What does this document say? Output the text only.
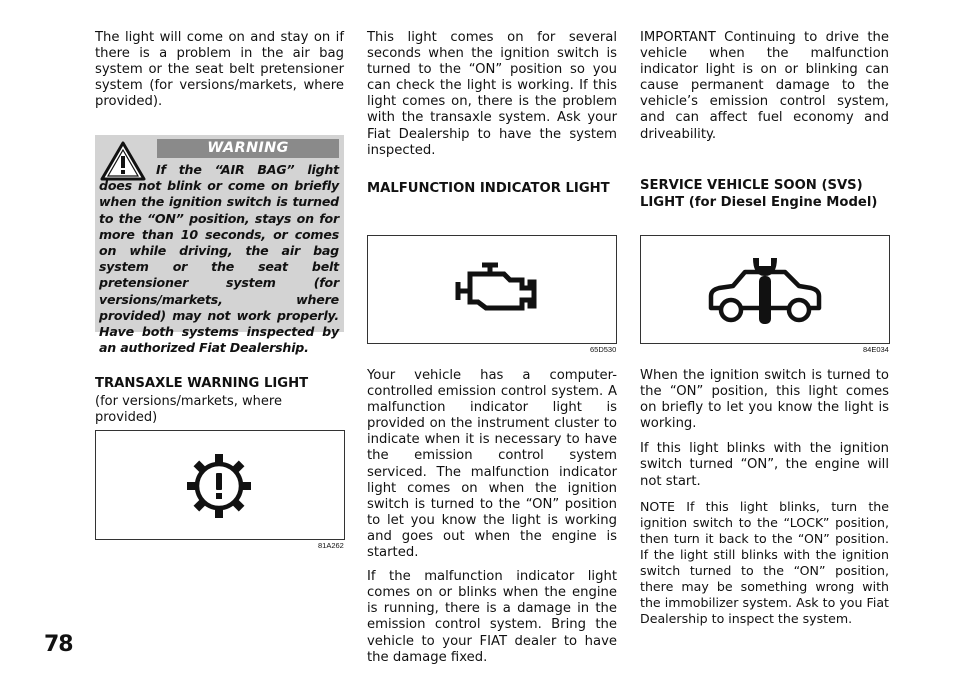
The light will come on and stay on if there is a problem in the air bag system or the seat belt pretensioner system (for versions/markets, where provided).

WARNING
If the “AIR BAG” light does not blink or come on briefly when the ignition switch is turned to the “ON” position, stays on for more than 10 seconds, or comes on while driving, the air bag system or the seat belt pretensioner system (for versions/markets, where provided) may not work properly. Have both systems inspected by an authorized Fiat Dealership.

TRANSAXLE WARNING LIGHT

(for versions/markets, where provided)

81A262

This light comes on for several seconds when the ignition switch is turned to the “ON” position so you can check the light is working. If this light comes on, there is the problem with the transaxle system. Ask your Fiat Dealership to have the system inspected.

MALFUNCTION INDICATOR LIGHT

65D530

Your vehicle has a computer-controlled emission control system. A malfunction indicator light is provided on the instrument cluster to indicate when it is necessary to have the emission control system serviced. The malfunction indicator light comes on when the ignition switch is turned to the “ON” position to let you know the light is working and goes out when the engine is started.

If the malfunction indicator light comes on or blinks when the engine is running, there is a damage in the emission control system. Bring the vehicle to your FIAT dealer to have the damage fixed.

IMPORTANT Continuing to drive the vehicle when the malfunction indicator light is on or blinking can cause permanent damage to the vehicle’s emission control system, and can affect fuel economy and driveability.

SERVICE VEHICLE SOON (SVS) LIGHT (for Diesel Engine Model)

84E034

When the ignition switch is turned to the “ON” position, this light comes on briefly to let you know the light is working.

If this light blinks with the ignition switch turned “ON”, the engine will not start.

NOTE If this light blinks, turn the ignition switch to the “LOCK” position, then turn it back to the “ON” position. If the light still blinks with the ignition switch turned to the “ON” position, there may be something wrong with the immobilizer system. Ask to you Fiat Dealership to inspect the system.

78
